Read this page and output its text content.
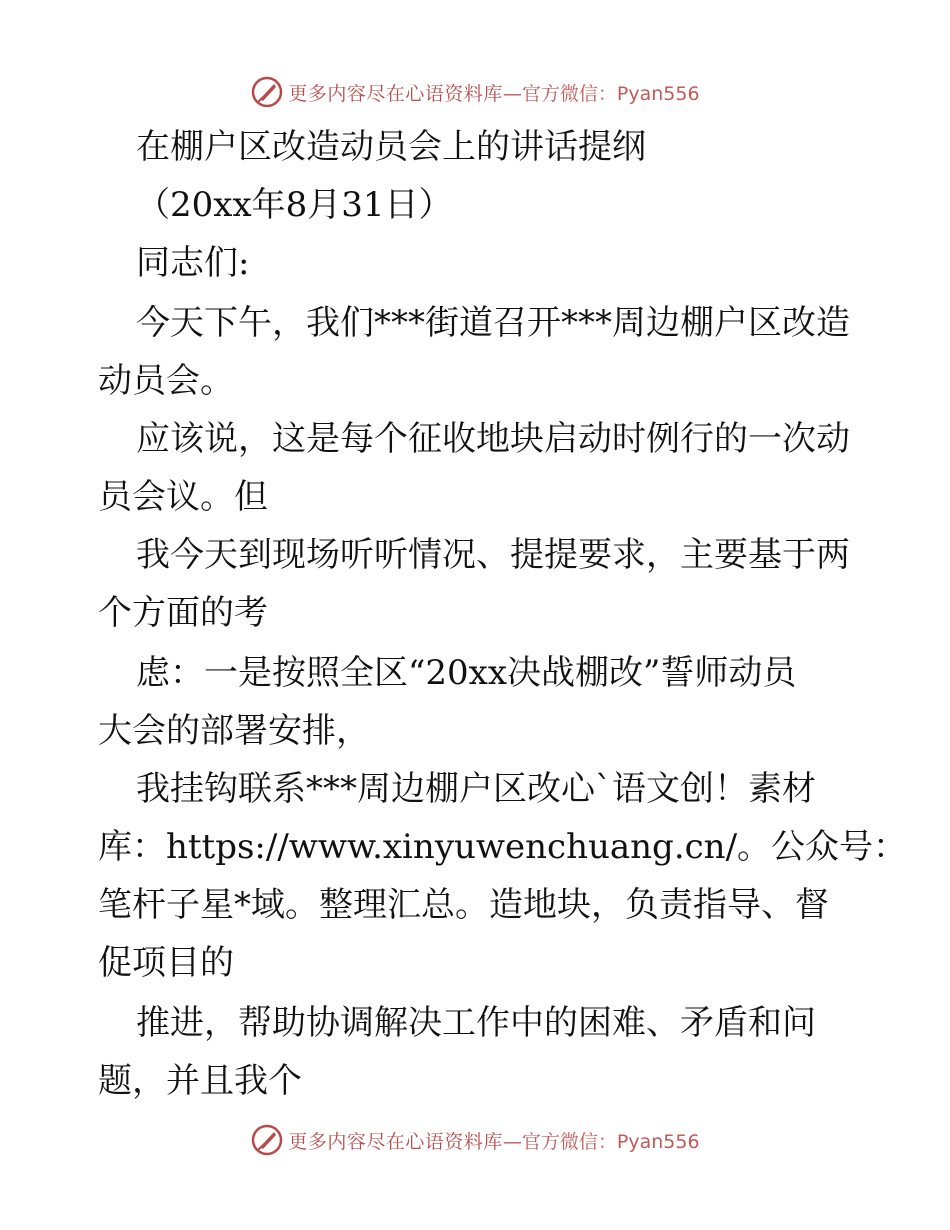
更多内容尽在心语资料库 —官方微信：Pyan556
在棚户区改造动员会上的讲话提纲
（20xx年8月31日）
同志们:
今天下午，我们***街道召开***周边棚户区改造
动员会。
应该说，这是每个征收地块启动时例行的一次动
员会议。但
我今天到现场听听情况、提提要求，主要基于两
个方面的考
虑：一是按照全区“20xx决战棚改”誓师动员
大会的部署安排，
我挂钩联系***周边棚户区改心`语文创！素材
库：https://www.xinyuwenchuang.cn/。公众号：
笔杆子星*域。整理汇总。造地块，负责指导、督
促项目的
推进，帮助协调解决工作中的困难、矛盾和问
题，并且我个
更多内容尽在心语资料库 —官方微信：Pyan556
